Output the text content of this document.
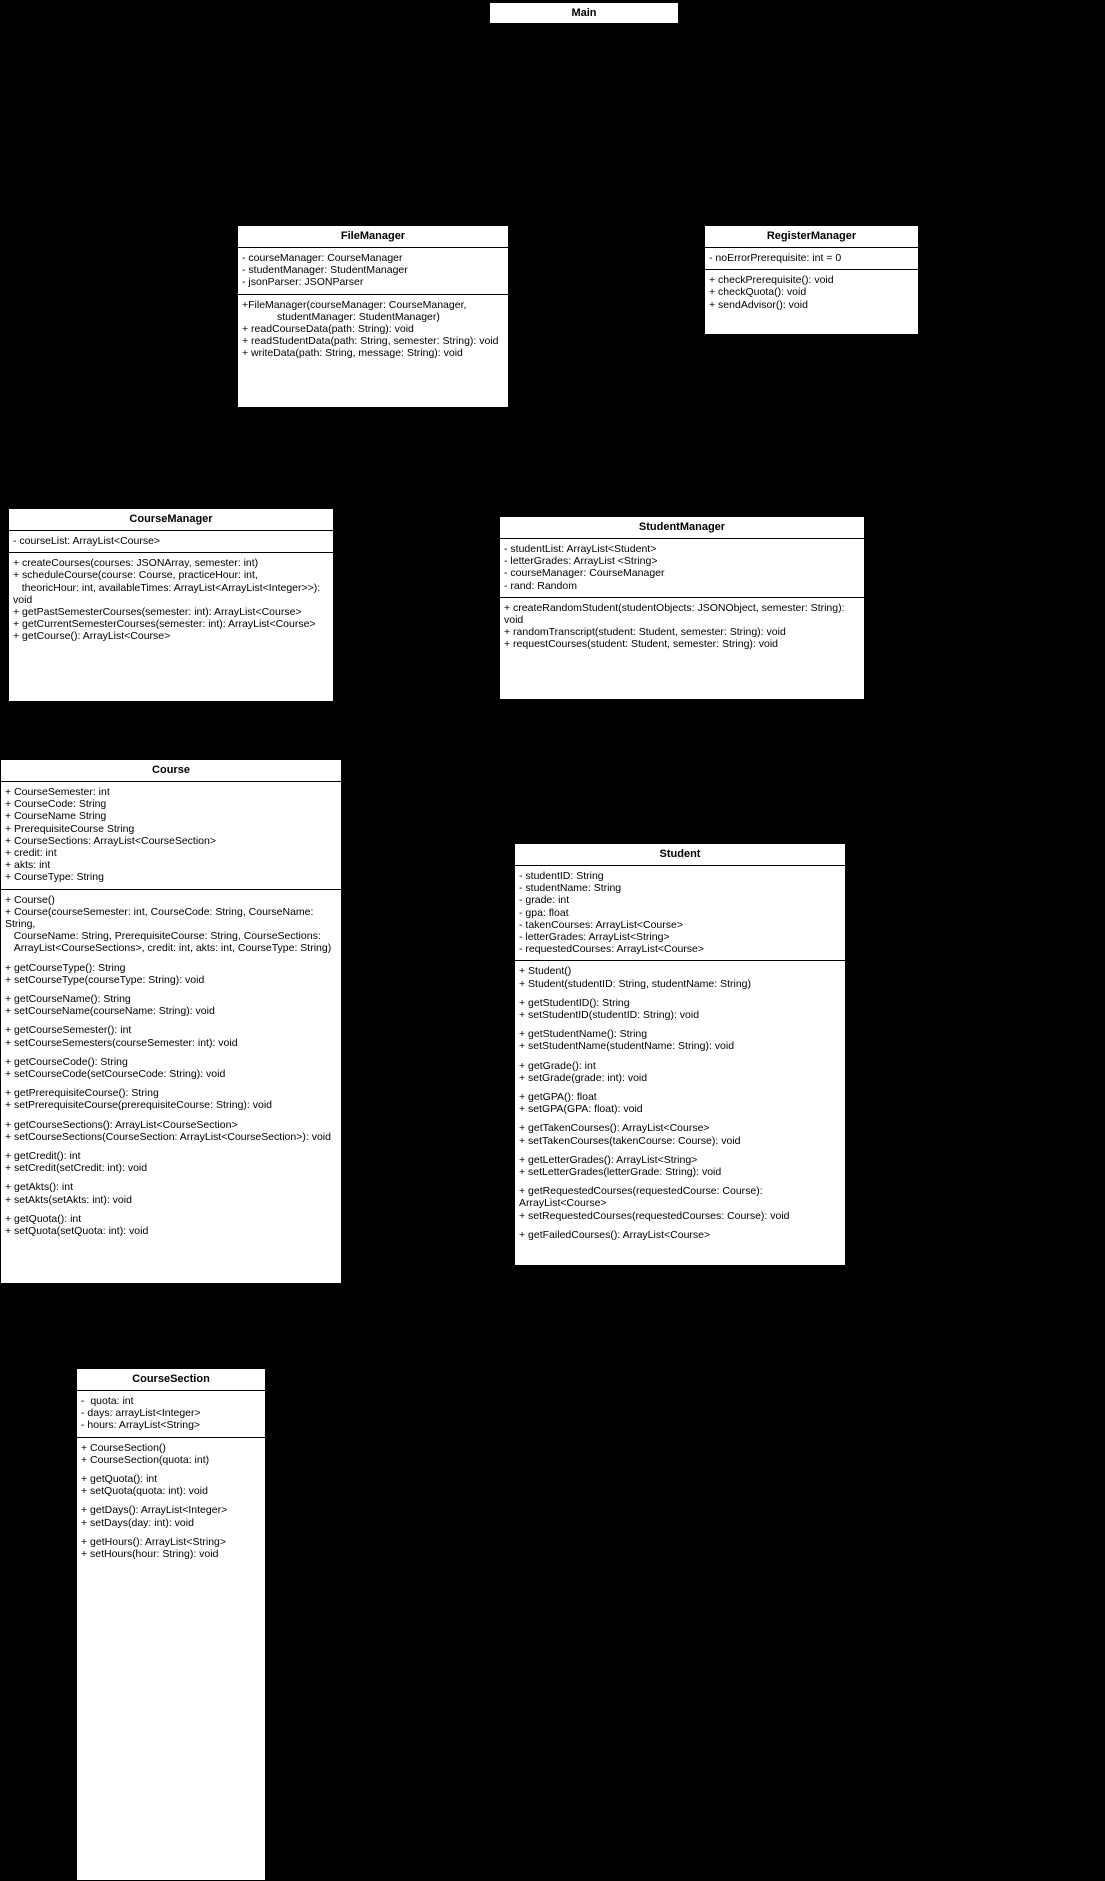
Main
FileManager
- courseManager: CourseManager
- studentManager: StudentManager
- jsonParser: JSONParser
+FileManager(courseManager: CourseManager,
studentManager: StudentManager)
+ readCourseData(path: String): void
+ readStudentData(path: String, semester: String): void
+ writeData(path: String, message: String): void
RegisterManager
- noErrorPrerequisite: int = 0
+ checkPrerequisite(): void
+ checkQuota(): void
+ sendAdvisor(): void
CourseManager
- courseList: ArrayList<Course>
+ createCourses(courses: JSONArray, semester: int)
+ scheduleCourse(course: Course, practiceHour: int,
theoricHour: int, availableTimes: ArrayList<ArrayList<Integer>>): void
+ getPastSemesterCourses(semester: int): ArrayList<Course>
+ getCurrentSemesterCourses(semester: int): ArrayList<Course>
+ getCourse(): ArrayList<Course>
StudentManager
- studentList: ArrayList<Student>
- letterGrades: ArrayList <String>
- courseManager: CourseManager
- rand: Random
+ createRandomStudent(studentObjects: JSONObject, semester: String): void
+ randomTranscript(student: Student, semester: String): void
+ requestCourses(student: Student, semester: String): void
Course
+ CourseSemester: int
+ CourseCode: String
+ CourseName String
+ PrerequisiteCourse String
+ CourseSections: ArrayList<CourseSection>
+ credit: int
+ akts: int
+ CourseType: String
+ Course()
+ Course(courseSemester: int, CourseCode: String, CourseName: String,
CourseName: String, PrerequisiteCourse: String, CourseSections:
ArrayList<CourseSections>, credit: int, akts: int, CourseType: String)
+ getCourseType(): String
+ setCourseType(courseType: String): void
+ getCourseName(): String
+ setCourseName(courseName: String): void
+ getCourseSemester(): int
+ setCourseSemesters(courseSemester: int): void
+ getCourseCode(): String
+ setCourseCode(setCourseCode: String): void
+ getPrerequisiteCourse(): String
+ setPrerequisiteCourse(prerequisiteCourse: String): void
+ getCourseSections(): ArrayList<CourseSection>
+ setCourseSections(CourseSection: ArrayList<CourseSection>): void
+ getCredit(): int
+ setCredit(setCredit: int): void
+ getAkts(): int
+ setAkts(setAkts: int): void
+ getQuota(): int
+ setQuota(setQuota: int): void
Student
- studentID: String
- studentName: String
- grade: int
- gpa: float
- takenCourses: ArrayList<Course>
- letterGrades: ArrayList<String>
- requestedCourses: ArrayList<Course>
+ Student()
+ Student(studentID: String, studentName: String)
+ getStudentID(): String
+ setStudentID(studentID: String): void
+ getStudentName(): String
+ setStudentName(studentName: String): void
+ getGrade(): int
+ setGrade(grade: int): void
+ getGPA(): float
+ setGPA(GPA: float): void
+ getTakenCourses(): ArrayList<Course>
+ setTakenCourses(takenCourse: Course): void
+ getLetterGrades(): ArrayList<String>
+ setLetterGrades(letterGrade: String): void
+ getRequestedCourses(requestedCourse: Course): ArrayList<Course>
+ setRequestedCourses(requestedCourses: Course): void
+ getFailedCourses(): ArrayList<Course>
CourseSection
-  quota: int
- days: arrayList<Integer>
- hours: ArrayList<String>
+ CourseSection()
+ CourseSection(quota: int)
+ getQuota(): int
+ setQuota(quota: int): void
+ getDays(): ArrayList<Integer>
+ setDays(day: int): void
+ getHours(): ArrayList<String>
+ setHours(hour: String): void
